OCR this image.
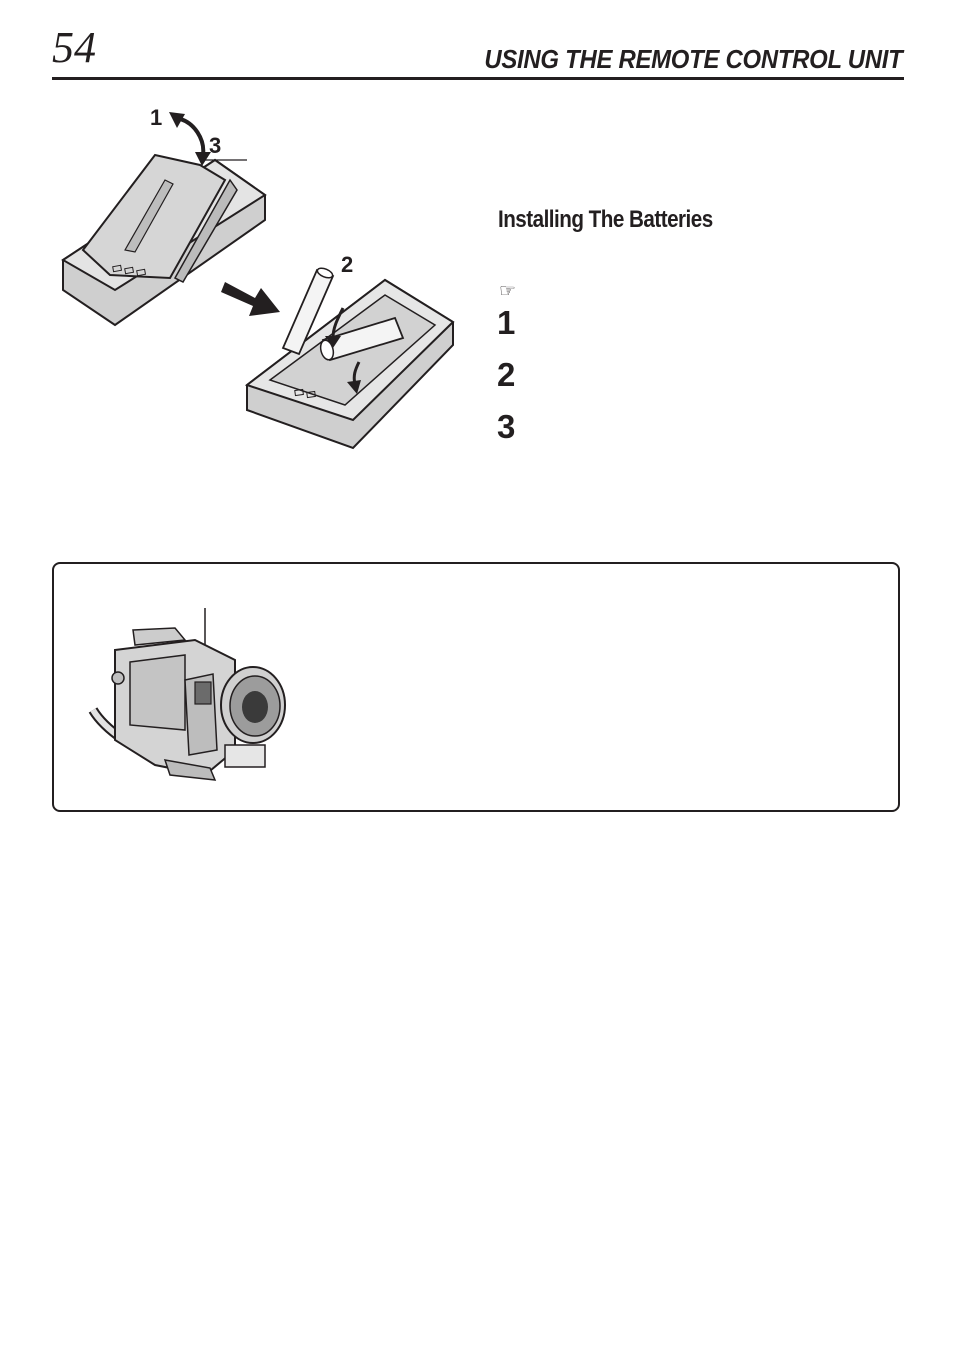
54	USING THE REMOTE CONTROL UNIT
1
3
2
Installing The Batteries
☞
1
2
3
